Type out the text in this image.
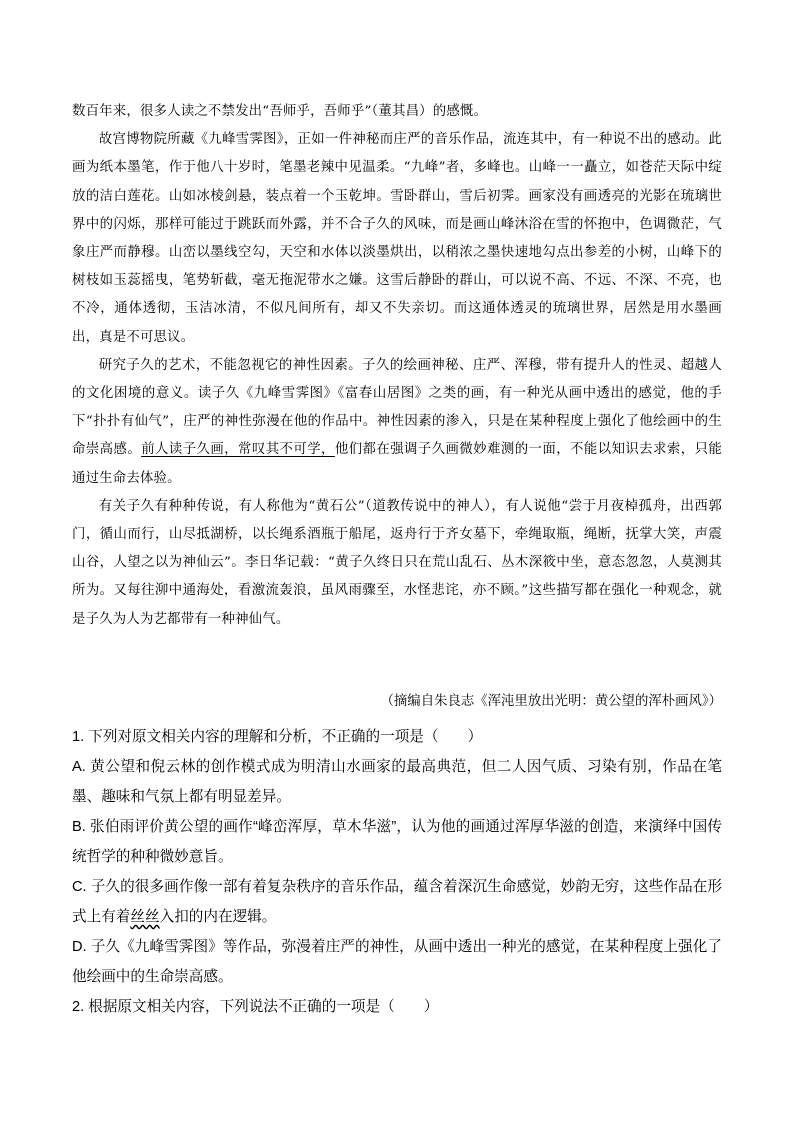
数百年来，很多人读之不禁发出“吾师乎，吾师乎”（董其昌）的感慨。

故宫博物院所藏《九峰雪霁图》，正如一件神秘而庄严的音乐作品，流连其中，有一种说不出的感动。此画为纸本墨笔，作于他八十岁时，笔墨老辣中见温柔。“九峰”者，多峰也。山峰一一矗立，如苍茫天际中绽放的洁白莲花。山如冰棱剑悬，装点着一个玉乾坤。雪卧群山，雪后初霁。画家没有画透亮的光影在琉璃世界中的闪烁，那样可能过于跳跃而外露，并不合子久的风味，而是画山峰沐浴在雪的怀抱中，色调微茫，气象庄严而静穆。山峦以墨线空勾，天空和水体以淡墨烘出，以稍浓之墨快速地勾点出参差的小树，山峰下的树枝如玉蕊摇曳，笔势斩截，毫无拖泥带水之嫌。这雪后静卧的群山，可以说不高、不远、不深、不亮，也不冷，通体透彻，玉洁冰清，不似凡间所有，却又不失亲切。而这通体透灵的琉璃世界，居然是用水墨画出，真是不可思议。

研究子久的艺术，不能忽视它的神性因素。子久的绘画神秘、庄严、浑穆，带有提升人的性灵、超越人的文化困境的意义。读子久《九峰雪霁图》《富春山居图》之类的画，有一种光从画中透出的感觉，他的手下“扑扑有仙气”，庄严的神性弥漫在他的作品中。神性因素的渗入，只是在某种程度上强化了他绘画中的生命崇高感。前人读子久画，常叹其不可学，他们都在强调子久画微妙难测的一面，不能以知识去求索，只能通过生命去体验。

有关子久有种种传说，有人称他为“黄石公”（道教传说中的神人），有人说他“尝于月夜棹孤舟，出西郭门，循山而行，山尽抵湖桥，以长绳系酒瓶于船尾，返舟行于齐女墓下，牵绳取瓶，绳断，抚掌大笑，声震山谷，人望之以为神仙云”。李日华记载：“黄子久终日只在荒山乱石、丛木深筱中坐，意态忽忽，人莫测其所为。又每往泖中通海处，看激流轰浪，虽风雨骤至，水怪悲诧，亦不顾。”这些描写都在强化一种观念，就是子久为人为艺都带有一种神仙气。

（摘编自朱良志《浑沌里放出光明：黄公望的浑朴画风》）

1. 下列对原文相关内容的理解和分析，不正确的一项是（　　）

A. 黄公望和倪云林的创作模式成为明清山水画家的最高典范，但二人因气质、习染有别，作品在笔墨、趣味和气氛上都有明显差异。

B. 张伯雨评价黄公望的画作“峰峦浑厚，草木华滋”，认为他的画通过浑厚华滋的创造，来演绎中国传统哲学的种种微妙意旨。

C. 子久的很多画作像一部有着复杂秩序的音乐作品，蕴含着深沉生命感觉，妙韵无穷，这些作品在形式上有着丝丝入扣的内在逻辑。

D. 子久《九峰雪霁图》等作品，弥漫着庄严的神性，从画中透出一种光的感觉，在某种程度上强化了他绘画中的生命崇高感。

2. 根据原文相关内容，下列说法不正确的一项是（　　）
